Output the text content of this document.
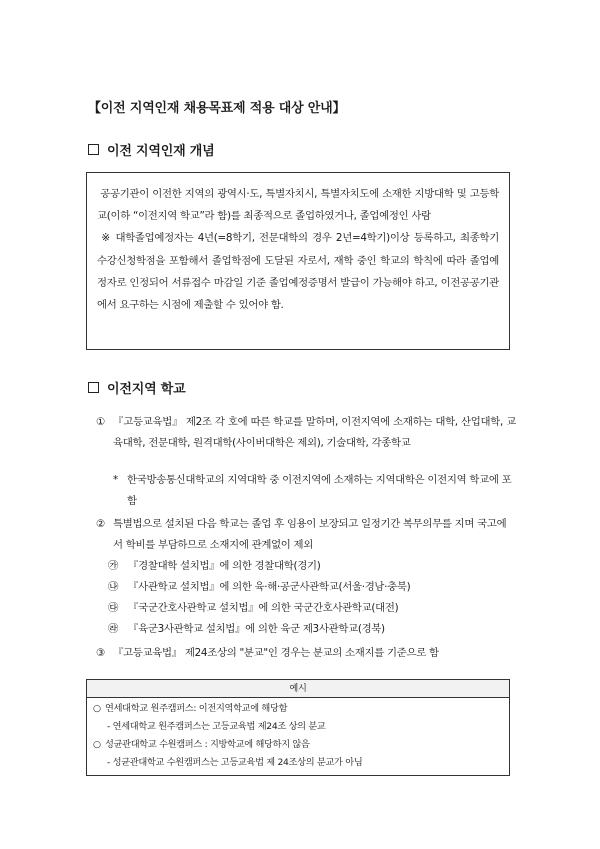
【이전 지역인재 채용목표제 적용 대상 안내】
이전 지역인재 개념

공공기관이 이전한 지역의 광역시·도, 특별자치시, 특별자치도에 소재한 지방대학 및 고등학교(이하 “이전지역 학교”라 함)를 최종적으로 졸업하였거나, 졸업예정인 사람

※ 대학졸업예정자는 4년(=8학기, 전문대학의 경우 2년=4학기)이상 등록하고, 최종학기 수강신청학점을 포함해서 졸업학점에 도달된 자로서, 재학 중인 학교의 학칙에 따라 졸업예정자로 인정되어 서류접수 마감일 기준 졸업예정증명서 발급이 가능해야 하고, 이전공공기관에서 요구하는 시점에 제출할 수 있어야 함.

이전지역 학교
① 『고등교육법』 제2조 각 호에 따른 학교를 말하며, 이전지역에 소재하는 대학, 산업대학, 교육대학, 전문대학, 원격대학(사이버대학은 제외), 기술대학, 각종학교
* 한국방송통신대학교의 지역대학 중 이전지역에 소재하는 지역대학은 이전지역 학교에 포함
② 특별법으로 설치된 다음 학교는 졸업 후 임용이 보장되고 일정기간 복무의무를 지며 국고에서 학비를 부담하므로 소재지에 관계없이 제외
㉮ 『경찰대학 설치법』에 의한 경찰대학(경기)
㉯ 『사관학교 설치법』에 의한 육·해·공군사관학교(서울·경남·충북)
㉰ 『국군간호사관학교 설치법』에 의한 국군간호사관학교(대전)
㉱ 『육군3사관학교 설치법』에 의한 육군 제3사관학교(경북)
③ 『고등교육법』 제24조상의 "분교"인 경우는 분교의 소재지를 기준으로 함
예시
○ 연세대학교 원주캠퍼스: 이전지역학교에 해당함
- 연세대학교 원주캠퍼스는 고등교육법 제24조 상의 분교
○ 성균관대학교 수원캠퍼스 : 지방학교에 해당하지 않음
- 성균관대학교 수원캠퍼스는 고등교육법 제 24조상의 분교가 아님
